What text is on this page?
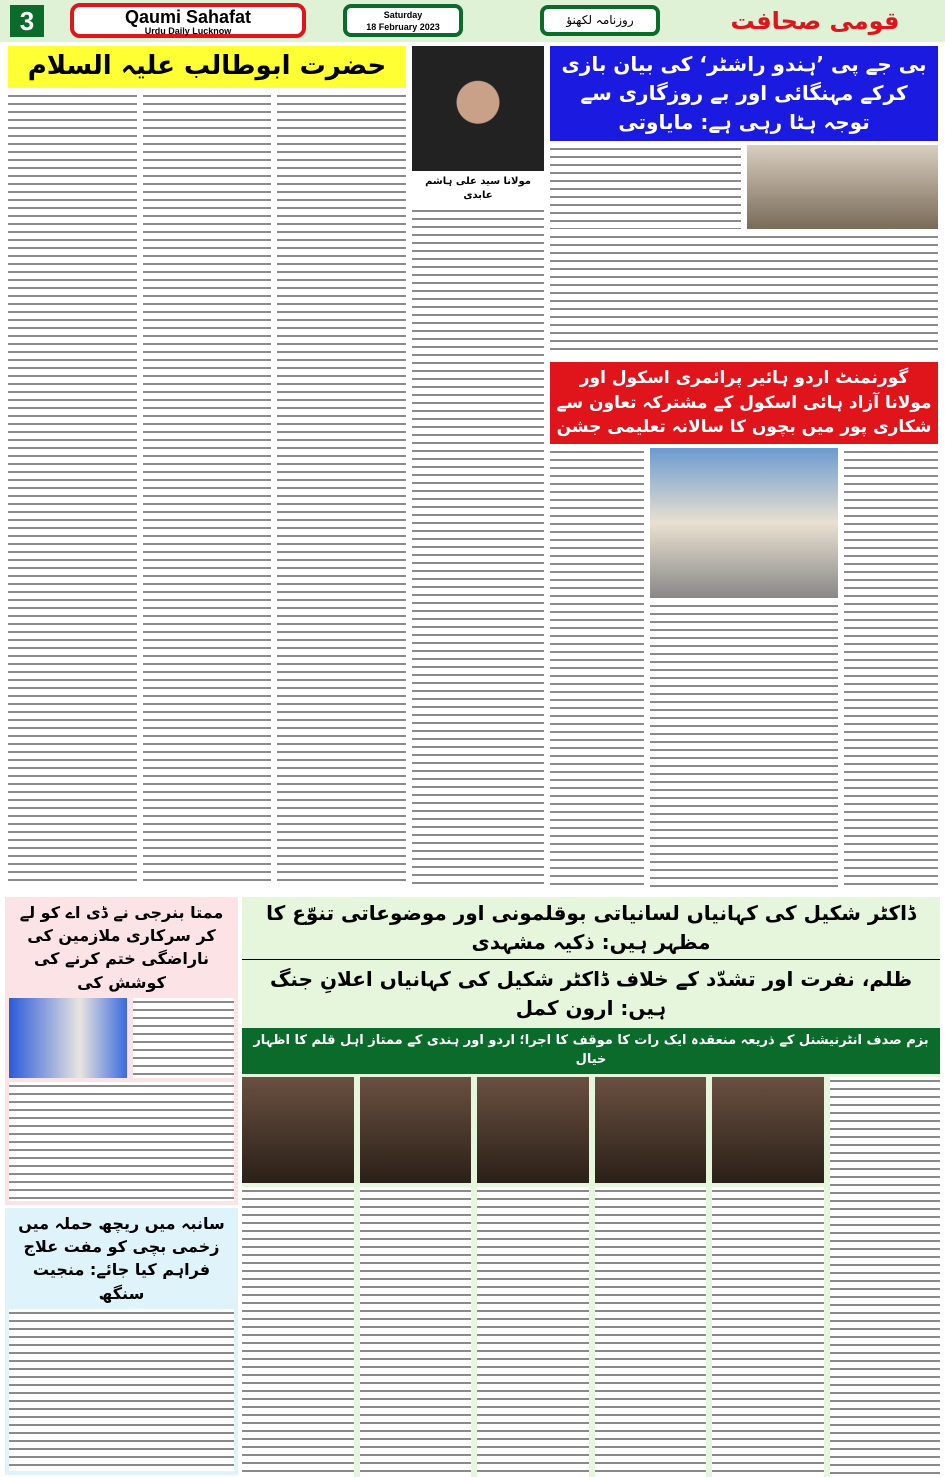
3	Qaumi Sahafat
Urdu Daily Lucknow
Saturday
18 February 2023	روزنامہ لکھنؤ	قومی صحافت
حضرت ابوطالب علیہ السلام
مولانا سید علی ہاشم عابدی
بی جے پی ’ہندو راشٹر‘ کی بیان بازی کرکے مہنگائی اور بے روزگاری سے توجہ ہٹا رہی ہے: مایاوتی
گورنمنٹ اردو ہائیر پرائمری اسکول اور مولانا آزاد ہائی اسکول کے مشترکہ تعاون سے شکاری پور میں بچوں کا سالانہ تعلیمی جشن
ممتا بنرجی نے ڈی اے کو لے کر سرکاری ملازمین کی ناراضگی ختم کرنے کی کوشش کی
سانبہ میں ریچھ حملہ میں زخمی بچی کو مفت علاج فراہم کیا جائے: منجیت سنگھ
ڈاکٹر شکیل کی کہانیاں لسانیاتی بوقلمونی اور موضوعاتی تنوّع کا مظہر ہیں: ذکیہ مشہدی
ظلم، نفرت اور تشدّد کے خلاف ڈاکٹر شکیل کی کہانیاں اعلانِ جنگ ہیں: ارون کمل
بزم صدف انٹرنیشنل کے ذریعہ منعقدہ ایک رات کا موقف کا اجرا؛ اردو اور ہندی کے ممتاز اہل قلم کا اظہار خیال
